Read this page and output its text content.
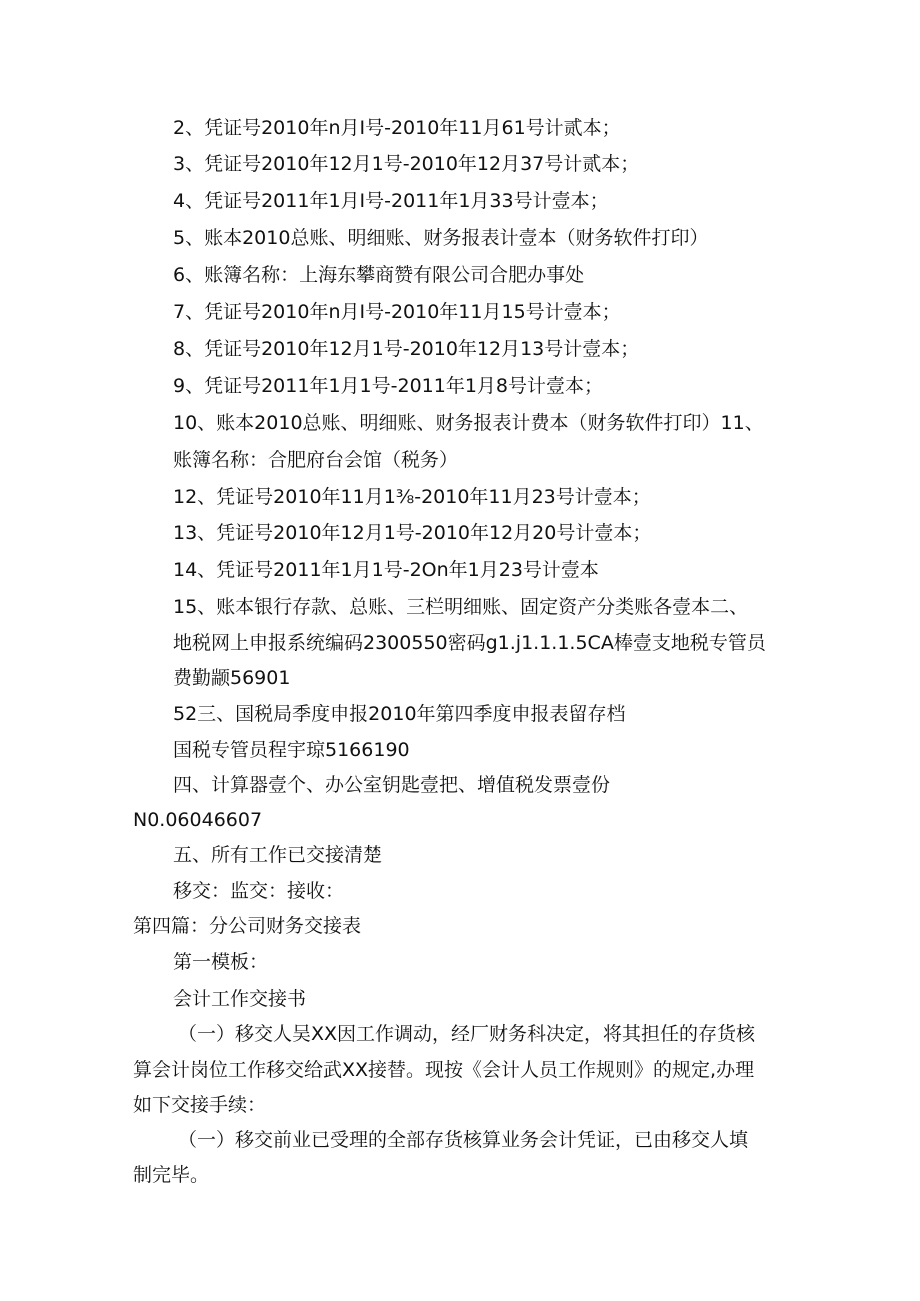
2、凭证号2010年n月I号-2010年11月61号计贰本；
3、凭证号2010年12月1号-2010年12月37号计贰本；
4、凭证号2011年1月I号-2011年1月33号计壹本；
5、账本2010总账、明细账、财务报表计壹本（财务软件打印）
6、账簿名称：上海东攀商赞有限公司合肥办事处
7、凭证号2010年n月I号-2010年11月15号计壹本；
8、凭证号2010年12月1号-2010年12月13号计壹本；
9、凭证号2011年1月1号-2011年1月8号计壹本；
10、账本2010总账、明细账、财务报表计费本（财务软件打印）11、
账簿名称：合肥府台会馆（税务）
12、凭证号2010年11月1⅜-2010年11月23号计壹本；
13、凭证号2010年12月1号-2010年12月20号计壹本；
14、凭证号2011年1月1号-2On年1月23号计壹本
15、账本银行存款、总账、三栏明细账、固定资产分类账各壹本二、
地税网上申报系统编码2300550密码g1.j1.1.1.5CA棒壹支地税专管员
费勤颛56901
52三、国税局季度申报2010年第四季度申报表留存档
国税专管员程宇琼5166190
四、计算器壹个、办公室钥匙壹把、增值税发票壹份
N0.06046607
五、所有工作已交接清楚
移交：监交：接收：
第四篇：分公司财务交接表
第一模板：
会计工作交接书
（一）移交人吴XX因工作调动，经厂财务科决定，将其担任的存货核
算会计岗位工作移交给武XX接替。现按《会计人员工作规则》的规定,办理
如下交接手续：
（一）移交前业已受理的全部存货核算业务会计凭证，已由移交人填
制完毕。
